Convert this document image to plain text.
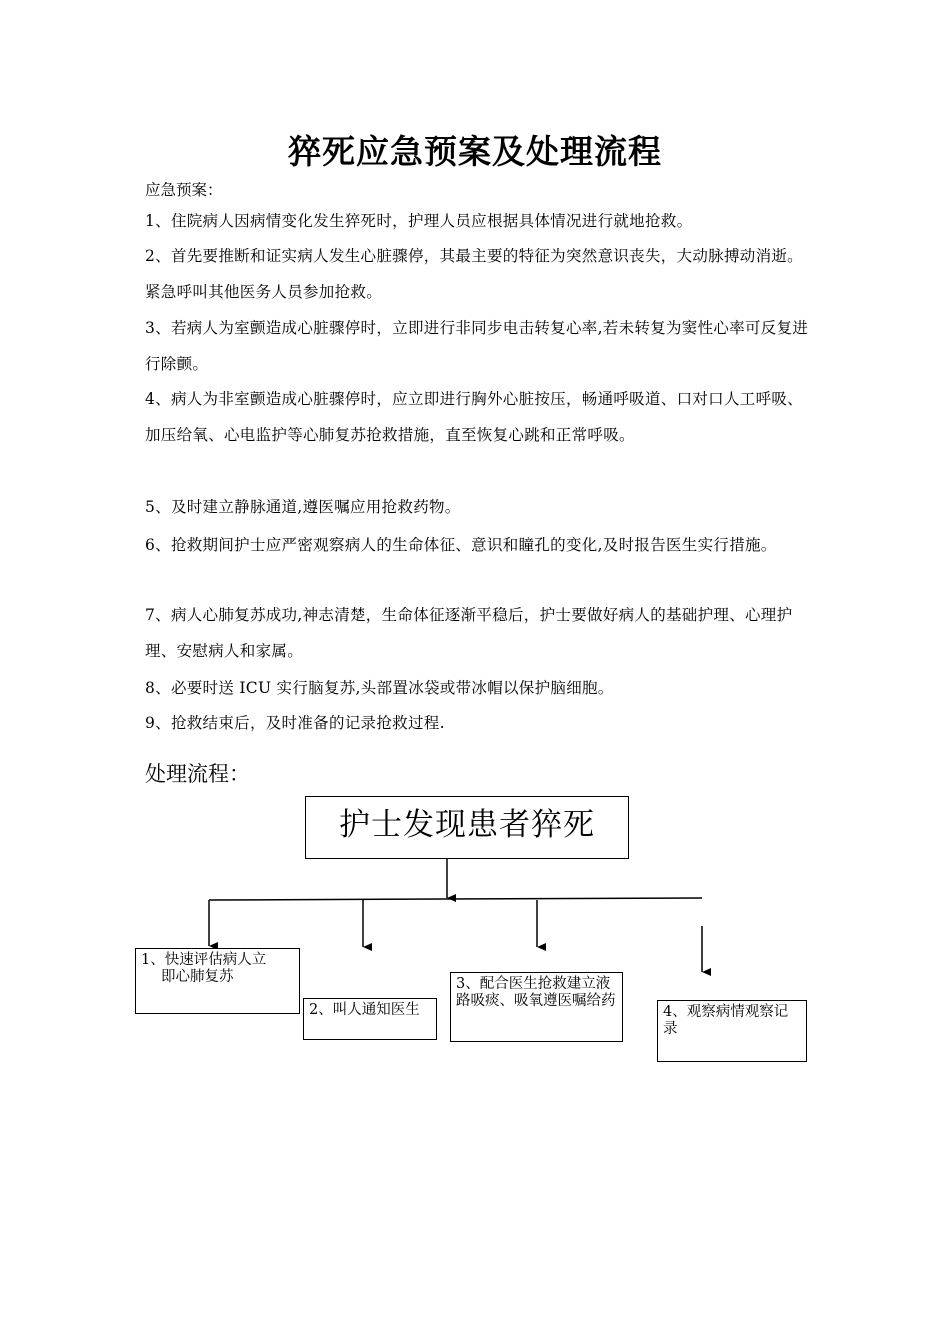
猝死应急预案及处理流程
应急预案：
1、住院病人因病情变化发生猝死时，护理人员应根据具体情况进行就地抢救。
2、首先要推断和证实病人发生心脏骤停，其最主要的特征为突然意识丧失，大动脉搏动消逝。紧急呼叫其他医务人员参加抢救。
3、若病人为室颤造成心脏骤停时，立即进行非同步电击转复心率,若未转复为窦性心率可反复进行除颤。
4、病人为非室颤造成心脏骤停时，应立即进行胸外心脏按压，畅通呼吸道、口对口人工呼吸、加压给氧、心电监护等心肺复苏抢救措施，直至恢复心跳和正常呼吸。
5、及时建立静脉通道,遵医嘱应用抢救药物。
6、抢救期间护士应严密观察病人的生命体征、意识和瞳孔的变化,及时报告医生实行措施。
7、病人心肺复苏成功,神志清楚，生命体征逐渐平稳后，护士要做好病人的基础护理、心理护理、安慰病人和家属。
8、必要时送 ICU 实行脑复苏,头部置冰袋或带冰帽以保护脑细胞。
9、抢救结束后，及时准备的记录抢救过程.
处理流程：
护士发现患者猝死
1、快速评估病人立
即心肺复苏
2、叫人通知医生
3、配合医生抢救建立液路吸痰、吸氧遵医嘱给药
4、观察病情观察记录
